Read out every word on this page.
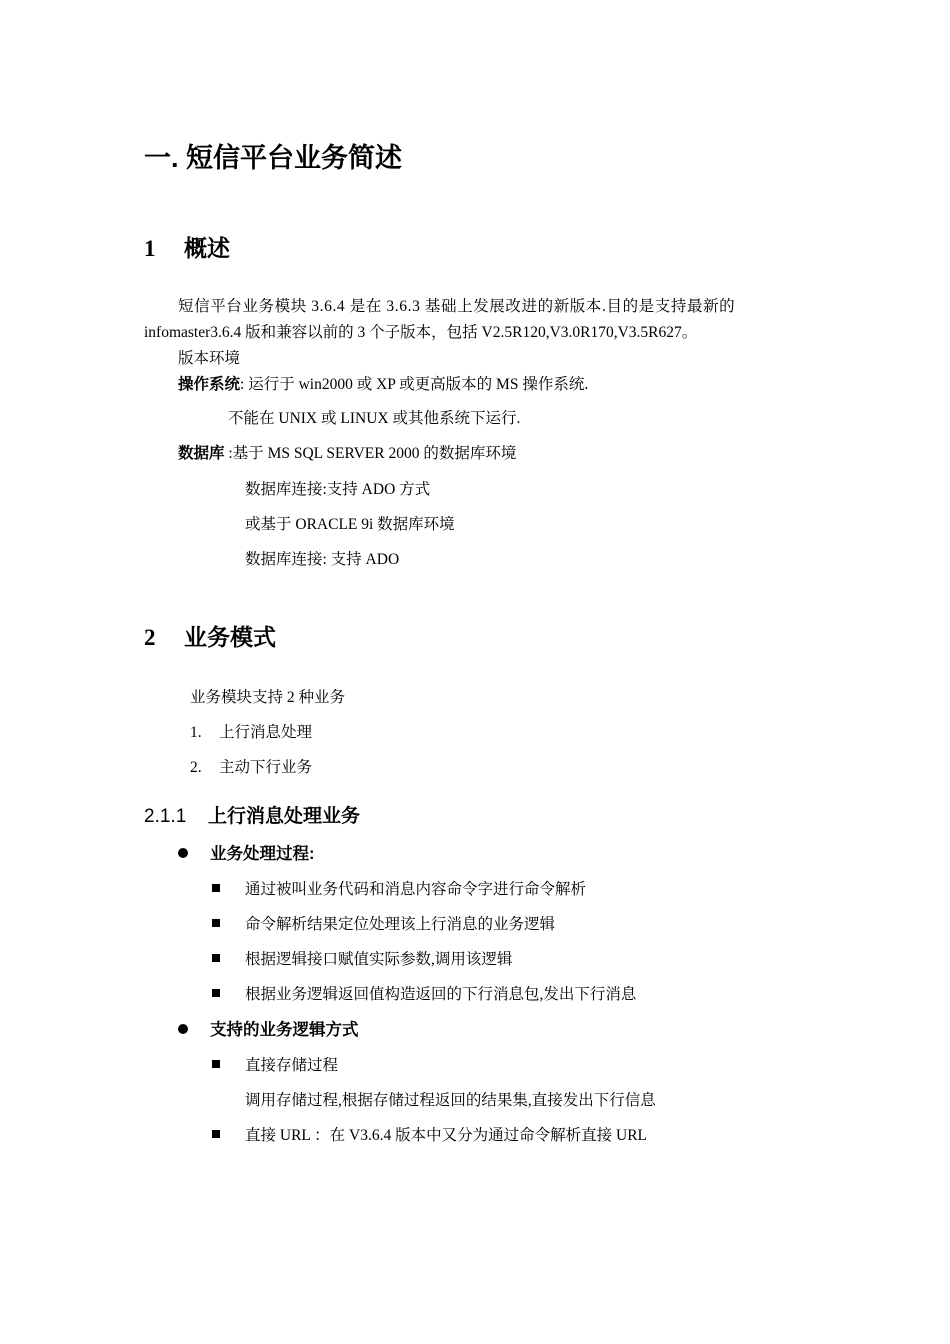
一. 短信平台业务简述
1 概述
短信平台业务模块 3.6.4 是在 3.6.3 基础上发展改进的新版本.目的是支持最新的
infomaster3.6.4 版和兼容以前的 3 个子版本，包括 V2.5R120,V3.0R170,V3.5R627。
版本环境
操作系统: 运行于 win2000 或 XP 或更高版本的 MS 操作系统.
不能在 UNIX 或 LINUX 或其他系统下运行.
数据库 :基于 MS SQL SERVER 2000 的数据库环境
数据库连接:支持 ADO 方式
或基于 ORACLE 9i 数据库环境
数据库连接: 支持 ADO
2 业务模式
业务模块支持 2 种业务
1. 上行消息处理
2. 主动下行业务
2.1.1 上行消息处理业务
业务处理过程:
通过被叫业务代码和消息内容命令字进行命令解析
命令解析结果定位处理该上行消息的业务逻辑
根据逻辑接口赋值实际参数,调用该逻辑
根据业务逻辑返回值构造返回的下行消息包,发出下行消息
支持的业务逻辑方式
直接存储过程
调用存储过程,根据存储过程返回的结果集,直接发出下行信息
直接 URL ：在 V3.6.4 版本中又分为通过命令解析直接 URL
